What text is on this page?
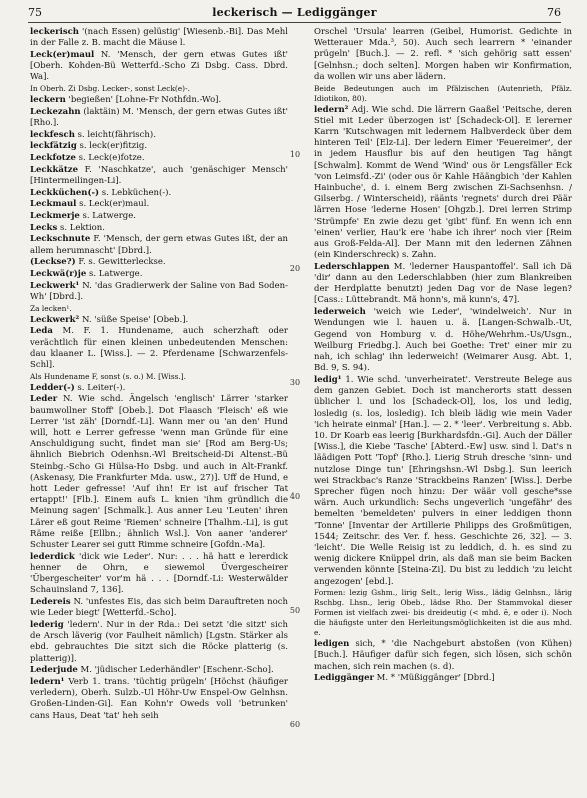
75	leckerisch — Lediggänger	76
leckerisch '(nach Essen) gelüstig' [Wiesenb.-Bi]. Das Mehl in der Falle z. B. macht die Mäuse l.
Leck(er)maul N. 'Mensch, der gern etwas Gutes ißt' [Oberh. Kohden-Bü Wetterfd.-Scho Zi Dsbg. Cass. Dbrd. Wa].
In Oberh. Zi Dsbg. Lecker-, sonst Leck(e)-.
leckern 'begießen' [Lohne-Fr Nothfdn.-Wo].
Leckezahn (laktäin) M. 'Mensch, der gern etwas Gutes ißt' [Rho.].
leckfesch s. leicht(fährisch).
leckfätzig s. leck(er)fitzig.
Leckfotze s. Leck(e)fotze.
Leckkätze F. 'Naschkatze', auch 'genäschiger Mensch' [Hintermeilingen-Li].
Leckküchen(-) s. Lebküchen(-).
Leckmaul s. Leck(er)maul.
Leckmerje s. Latwerge.
Lecks s. Lektion.
Leckschnute F. 'Mensch, der gern etwas Gutes ißt, der an allem herumnascht' [Dbrd.].
(Leckse?) F. s. Gewitterleckse.
Leckwä(r)je s. Latwerge.
Leckwerk¹ N. 'das Gradierwerk der Saline von Bad Soden-Wh' [Dbrd.].
Za lecken¹.
Leckwerk² N. 'süße Speise' [Obeb.].
Leda M. F. 1. Hundename, auch scherzhaft oder verächtlich für einen kleinen unbedeutenden Menschen: dau klaaner L. [Wiss.]. — 2. Pferdename [Schwarzenfels-Schl].
Als Hundename F, sonst (s. o.) M. [Wiss.].
Ledder(-) s. Leiter(-).
Leder N. Wie schd. Ängelsch 'englisch' Lärrer 'starker baumwollner Stoff' [Obeb.]. Dot Flaasch 'Fleisch' eß wie Lerrer 'ist zäh' [Dorndf.-Li]. Wann mer ou 'an den' Hund will, hott e Lerrer gefresse 'wenn man Gründe für eine Anschuldigung sucht, findet man sie' [Rod am Berg-Us; ähnlich Biebrich Odenhsn.-Wl Breitscheid-Di Altenst.-Bü Steinbg.-Scho Gi Hülsa-Ho Dsbg. und auch in Alt-Frankf. (Askenasy, Die Frankfurter Mda. usw., 27)]. Uff de Hund, e hott Leder gefresse! 'Auf ihn! Er ist auf frischer Tat ertappt!' [Flb.]. Einem aufs L. knien 'ihm gründlich die Meinung sagen' [Schmalk.]. Aus anner Leu 'Leuten' ihren Lärer eß gout Reime 'Riemen' schneire [Thalhm.-Li], is gut Räme reiße [Ellbn.; ähnlich Wsl.]. Von aaner 'anderer' Schuster Learer sei gutt Rimme schneire [Gofdn.-Ma].
lederdick 'dick wie Leder'. Nur: . . . hä hatt e lererdick henner de Ohrn, e siewemol Üvergescheirer 'Übergescheiter' vor'm hä . . . [Dorndf.-Li: Westerwälder Schauinsland 7, 136].
Ledereis N. 'unfestes Eis, das sich beim Darauftreten noch wie Leder biegt' [Wetterfd.-Scho].
lederig 'ledern'. Nur in der Rda.: Dei setzt 'die sitzt' sich de Arsch läverig (vor Faulheit nämlich) [Lgstn. Stärker als ebd. gebrauchtes Die sitzt sich die Röcke platterig (s. platterig)].
Lederjude M. 'jüdischer Lederhändler' [Eschenr.-Scho].
ledern¹ Verb 1. trans. 'tüchtig prügeln' [Höchst (häufiger verledern), Oberh. Sulzb.-Ul Höhr-Uw Enspel-Ow Gelnhsn. Großen-Linden-Gi]. Ean Kohn'r Oweds voll 'betrunken' cans Haus, Deat 'tat' heh seih
Orschel 'Ursula' learren (Geibel, Humorist. Gedichte in Wetterauer Mda.³, 50). Auch sech learrern * 'einander prügeln' [Buch.]. — 2. refl. * 'sich gehörig satt essen' [Gelnhsn.; doch selten]. Morgen haben wir Konfirmation, da wollen wir uns aber lädern.
Beide Bedeutungen auch im Pfälzischen (Autenrieth, Pfälz. Idiotikon, 80).
ledern² Adj. Wie schd. Die lärrern Gaaßel 'Peitsche, deren Stiel mit Leder überzogen ist' [Schadeck-Ol]. E lererner Karrn 'Kutschwagen mit ledernem Halbverdeck über dem hinteren Teil' [Elz-Li]. Der ledern Eimer 'Feuereimer', der in jedem Hausflur bis auf den heutigen Tag hängt [Schwalm]. Kommt de Wend 'Wind' ous ör Lengsfäller Eck 'von Leimsfd.-Zi' (oder ous ör Kahle Häängbich 'der Kahlen Hainbuche', d. i. einem Berg zwischen Zi-Sachsenhsn. / Gilserbg. / Winterscheid), räänts 'regnets' durch drei Päär lärren Hose 'lederne Hosen' [Ohgzb.]. Drei lerren Strimp 'Strümpfe' En zwie dezu get 'gibt' fünf. En wenn ich enn 'einen' verlier, Hau'k ere 'habe ich ihrer' noch vier [Reim aus Groß-Felda-Al]. Der Mann mit den ledernen Zähnen (ein Kinderschreck) s. Zahn.
Lederschlappen M. 'lederner Hauspantoffel'. Sall ich Dä 'dir' dann au den Lederschlabben (hier zum Blankreiben der Herdplatte benutzt) jeden Dag vor de Nase legen? [Cass.: Lüttebrandt. Mã honn's, mä kunn's, 47].
lederweich 'weich wie Leder', 'windelweich'. Nur in Wendungen wie l. hauen u. ä. [Langen-Schwalb.-Ut, Gegend von Homburg v. d. Höhe/Wehrhm.-Us/Usgn., Weilburg Friedbg.]. Auch bei Goethe: Tret' einer mir zu nah, ich schlag' ihn lederweich! (Weimarer Ausg. Abt. 1, Bd. 9, S. 94).
ledig¹ 1. Wie schd. 'unverheiratet'. Verstreute Belege aus dem ganzen Gebiet. Doch ist mancherorts statt dessen üblicher l. und los [Schadeck-Ol], los, los und ledig, losledig (s. los, losledig). Ich bleib lädig wie mein Vader 'ich heirate einmal' [Han.]. — 2. * 'leer'. Verbreitung s. Abb. 10. Dr Koarb eas leerig [Burkhardsfdn.-Gi]. Auch der Däller [Wiss.], die Kiebe 'Tasche' [Abterd.-Ew] usw. sind l. Dat's n läädigen Pott 'Topf' [Rho.]. Lierig Struh dresche 'sinn- und nutzlose Dinge tun' [Ehringshsn.-Wl Dsbg.]. Sun leerich wei Strackbac's Ranze 'Strackbeins Ranzen' [Wiss.]. Derbe Sprecher fügen noch hinzu: Der wäär voll gesche*sse wärn. Auch urkundlich: Sechs ungeverlich 'ungefähr' des bemelten 'bemeldeten' pulvers in einer leddigen thonn 'Tonne' [Inventar der Artillerie Philipps des Großmütigen, 1544; Zeitschr. des Ver. f. hess. Geschichte 26, 32]. — 3. 'leicht'. Die Welle Reisig ist zu leddich, d. h. es sind zu wenig dickere Knüppel drin, als daß man sie beim Backen verwenden könnte [Steina-Zi]. Du bist zu leddich 'zu leicht angezogen' [ebd.].
Formen: lezig Gshm., lirig Selt., lerig Wiss., lädig Gelnhsn., lärig Rschbg. Lhsn., lerig Obeb., lädse Rho. Der Stammvokal dieser Formen ist vielfach zwei- bis dreideutig (< mhd. ē, e oder i). Noch die häufigste unter den Herleitungsmöglichkeiten ist die aus mhd. e.
ledigen sich, * 'die Nachgeburt abstoßen (von Kühen) [Buch.]. Häufiger dafür sich fegen, sich lösen, sich schön machen, sich rein machen (s. d).
Lediggänger M. * 'Müßiggänger' [Dbrd.]
10
20
30
40
50
60
